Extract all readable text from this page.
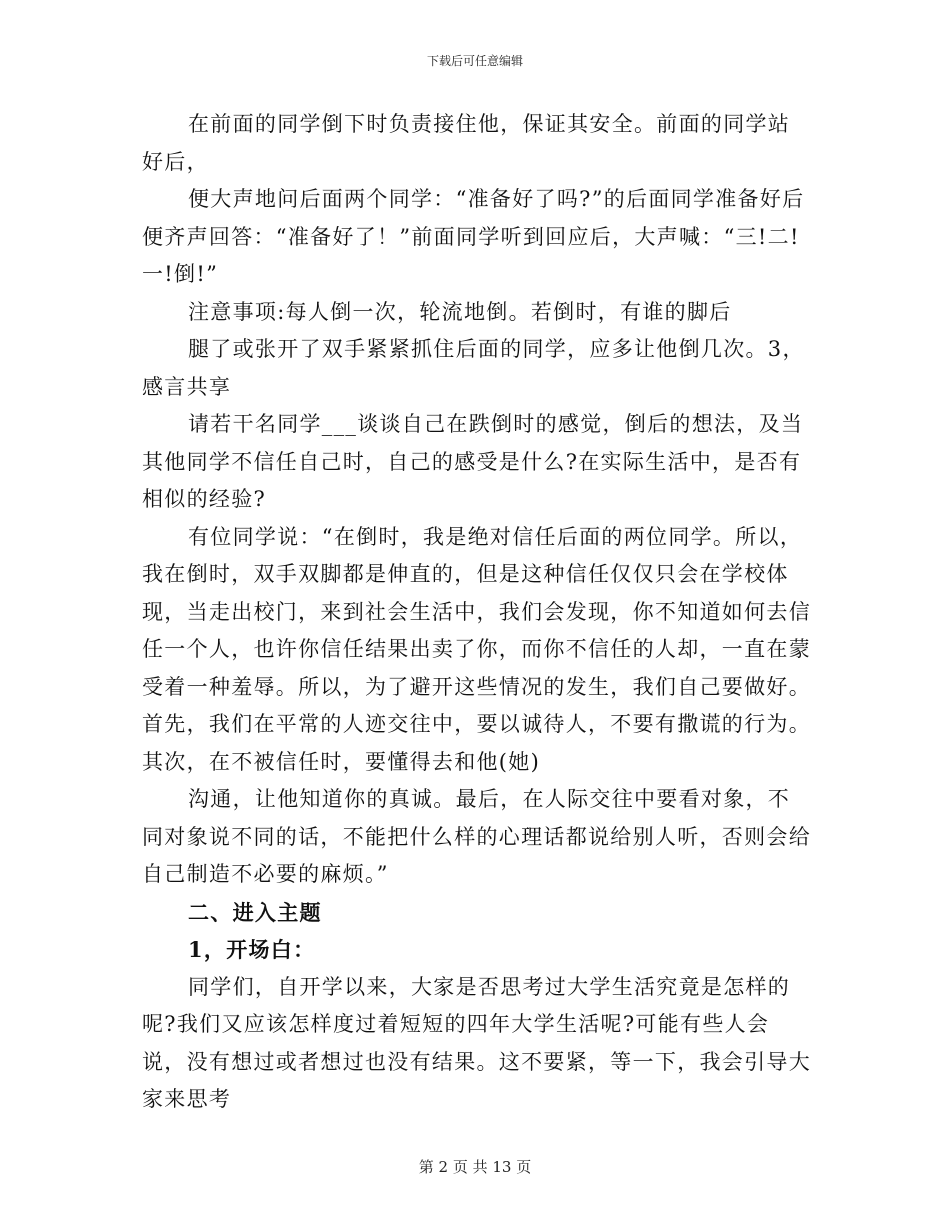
下载后可任意编辑

在前面的同学倒下时负责接住他，保证其安全。前面的同学站好后，

便大声地问后面两个同学：“准备好了吗?”的后面同学准备好后便齐声回答：“准备好了！”前面同学听到回应后，大声喊：“三!二!一!倒!”

注意事项:每人倒一次，轮流地倒。若倒时，有谁的脚后

腿了或张开了双手紧紧抓住后面的同学，应多让他倒几次。3，感言共享

请若干名同学___谈谈自己在跌倒时的感觉，倒后的想法，及当其他同学不信任自己时，自己的感受是什么?在实际生活中，是否有相似的经验?

有位同学说：“在倒时，我是绝对信任后面的两位同学。所以，我在倒时，双手双脚都是伸直的，但是这种信任仅仅只会在学校体现，当走出校门，来到社会生活中，我们会发现，你不知道如何去信任一个人，也许你信任结果出卖了你，而你不信任的人却，一直在蒙受着一种羞辱。所以，为了避开这些情况的发生，我们自己要做好。首先，我们在平常的人迹交往中，要以诚待人，不要有撒谎的行为。其次，在不被信任时，要懂得去和他(她)

沟通，让他知道你的真诚。最后，在人际交往中要看对象，不同对象说不同的话，不能把什么样的心理话都说给别人听，否则会给自己制造不必要的麻烦。”

二、进入主题

1，开场白：

同学们，自开学以来，大家是否思考过大学生活究竟是怎样的呢?我们又应该怎样度过着短短的四年大学生活呢?可能有些人会说，没有想过或者想过也没有结果。这不要紧，等一下，我会引导大家来思考

第 2 页 共 13 页
